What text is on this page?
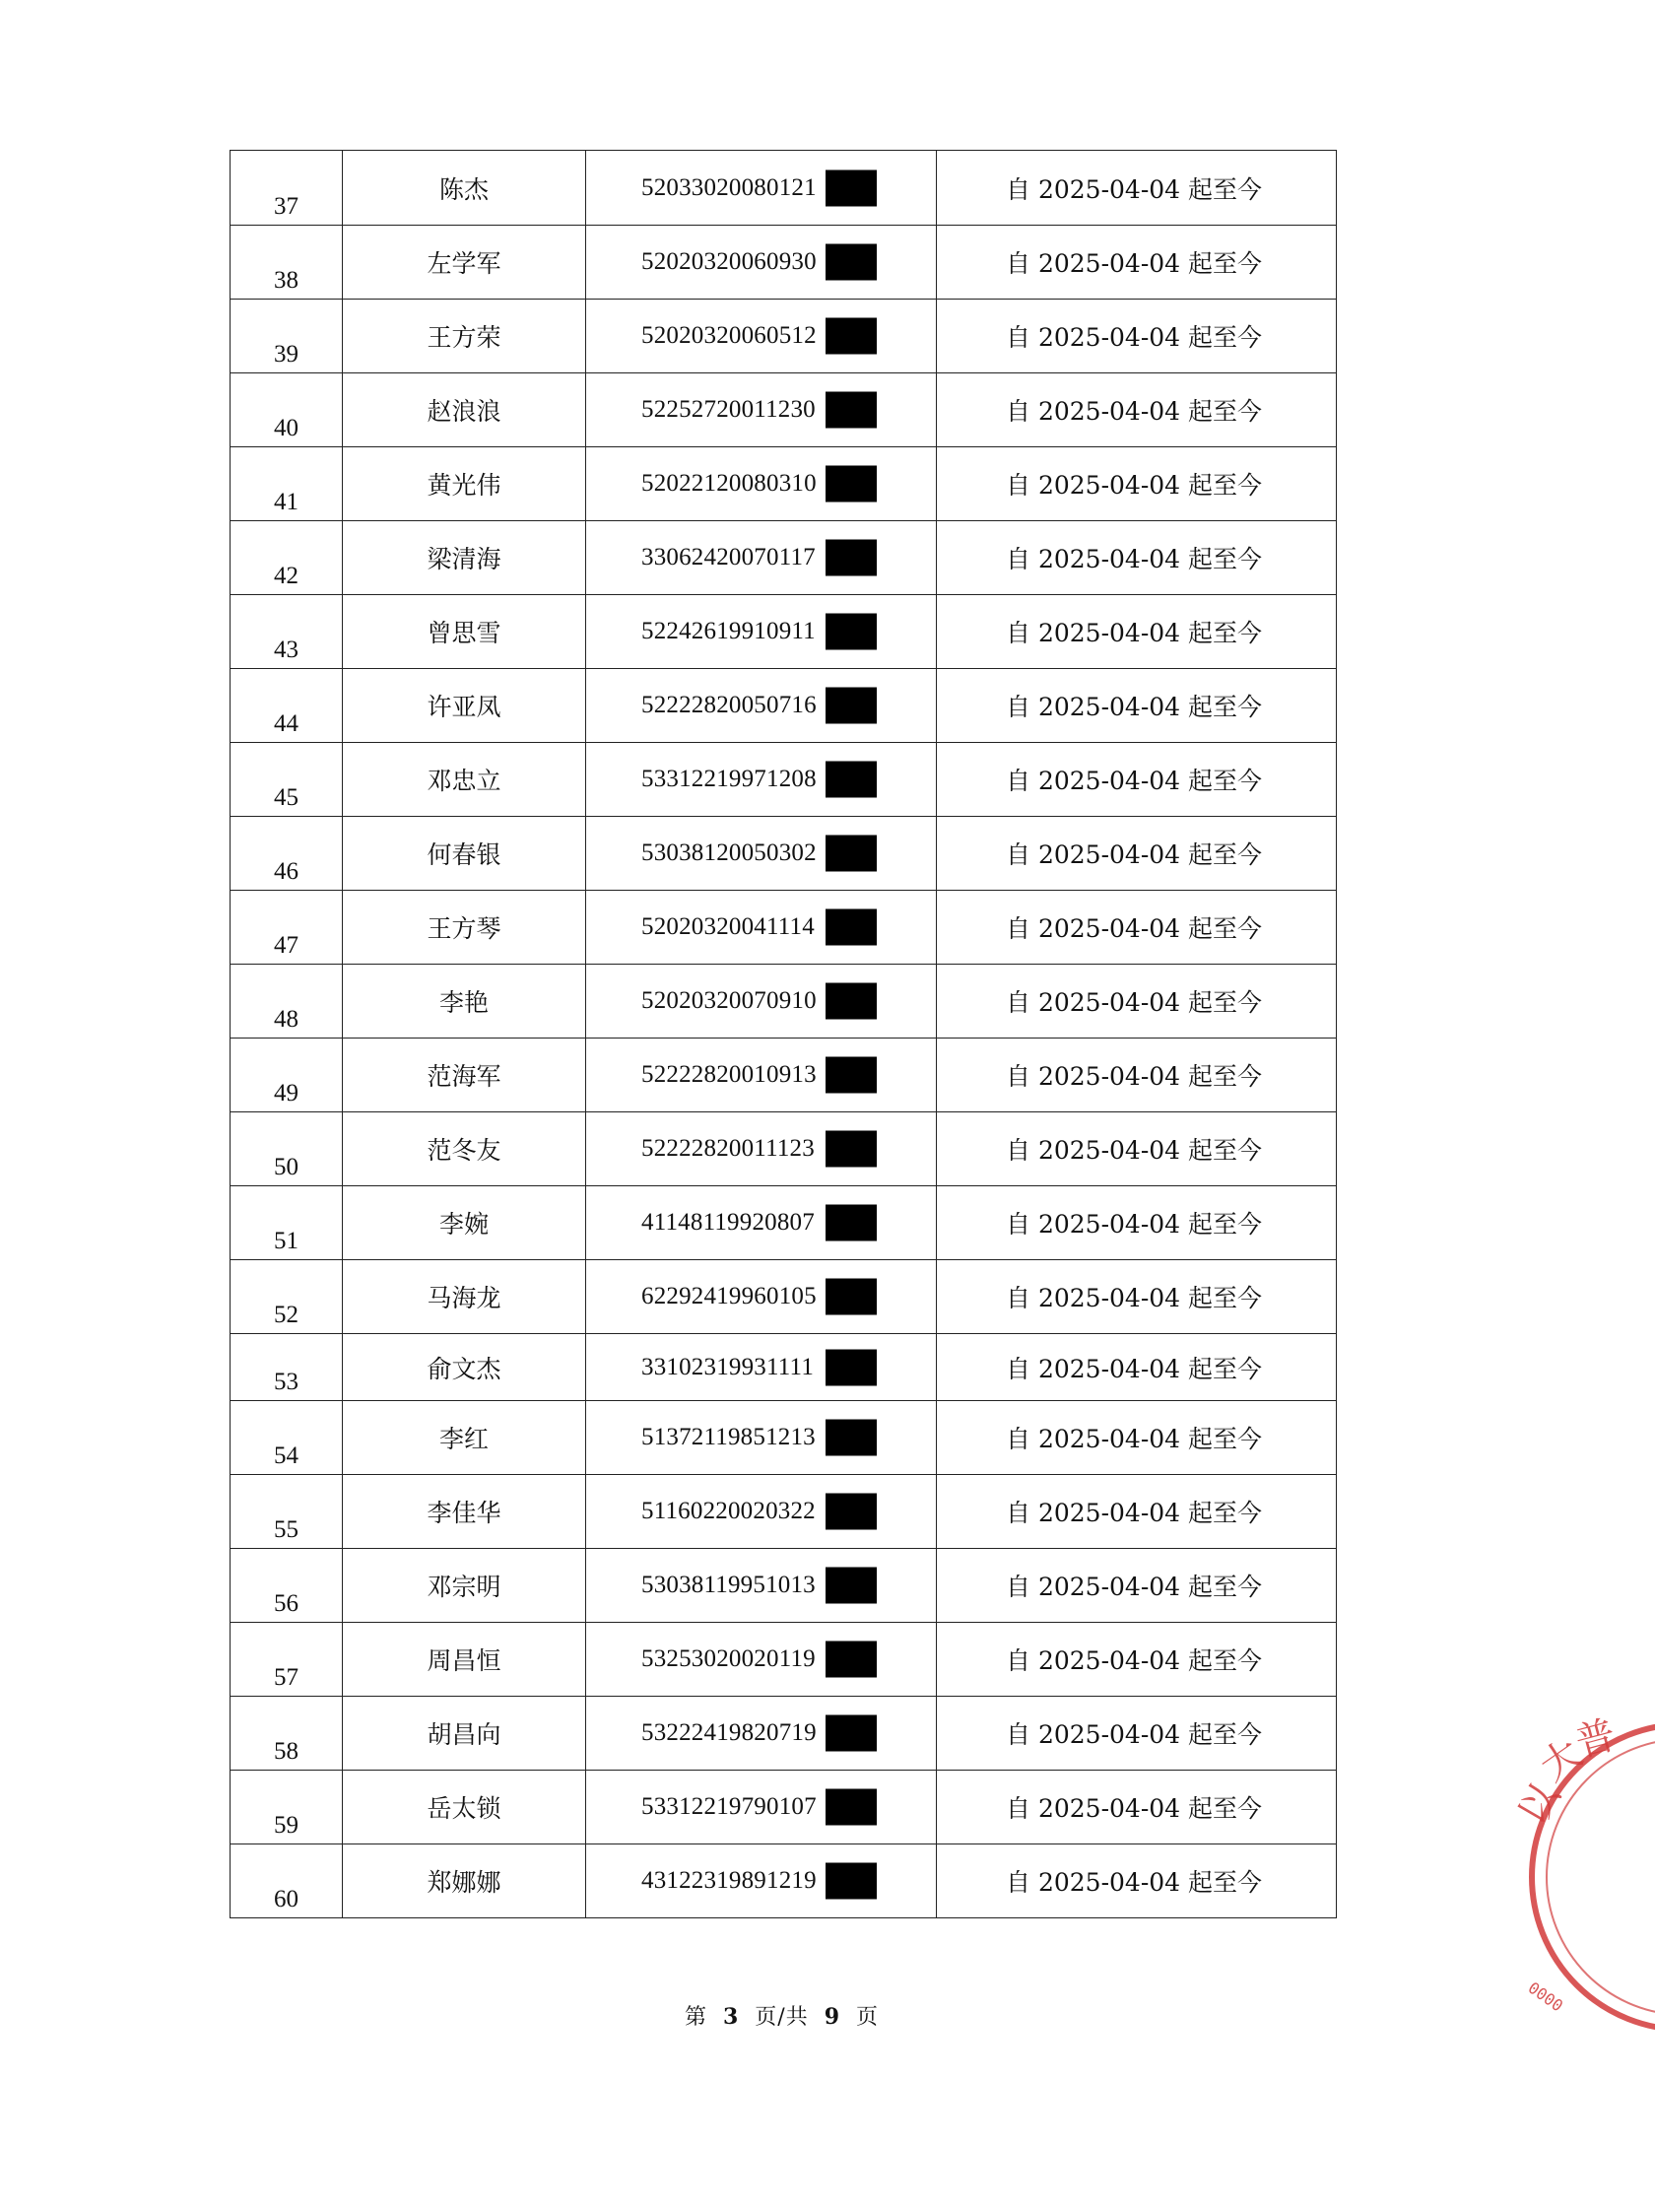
37	陈杰	52033020080121	自 2025-04-04 起至今

38	左学军	52020320060930	自 2025-04-04 起至今

39	王方荣	52020320060512	自 2025-04-04 起至今

40	赵浪浪	52252720011230	自 2025-04-04 起至今

41	黄光伟	52022120080310	自 2025-04-04 起至今

42	梁清海	33062420070117	自 2025-04-04 起至今

43	曾思雪	52242619910911	自 2025-04-04 起至今

44	许亚凤	52222820050716	自 2025-04-04 起至今

45	邓忠立	53312219971208	自 2025-04-04 起至今

46	何春银	53038120050302	自 2025-04-04 起至今

47	王方琴	52020320041114	自 2025-04-04 起至今

48	李艳	52020320070910	自 2025-04-04 起至今

49	范海军	52222820010913	自 2025-04-04 起至今

50	范冬友	52222820011123	自 2025-04-04 起至今

51	李婉	41148119920807	自 2025-04-04 起至今

52	马海龙	62292419960105	自 2025-04-04 起至今

53	俞文杰	33102319931111	自 2025-04-04 起至今

54	李红	51372119851213	自 2025-04-04 起至今

55	李佳华	51160220020322	自 2025-04-04 起至今

56	邓宗明	53038119951013	自 2025-04-04 起至今

57	周昌恒	53253020020119	自 2025-04-04 起至今

58	胡昌向	53222419820719	自 2025-04-04 起至今

59	岳太锁	53312219790107	自 2025-04-04 起至今

60	郑娜娜	43122319891219	自 2025-04-04 起至今
第 3 页/共 9 页
以
大
普
0000
